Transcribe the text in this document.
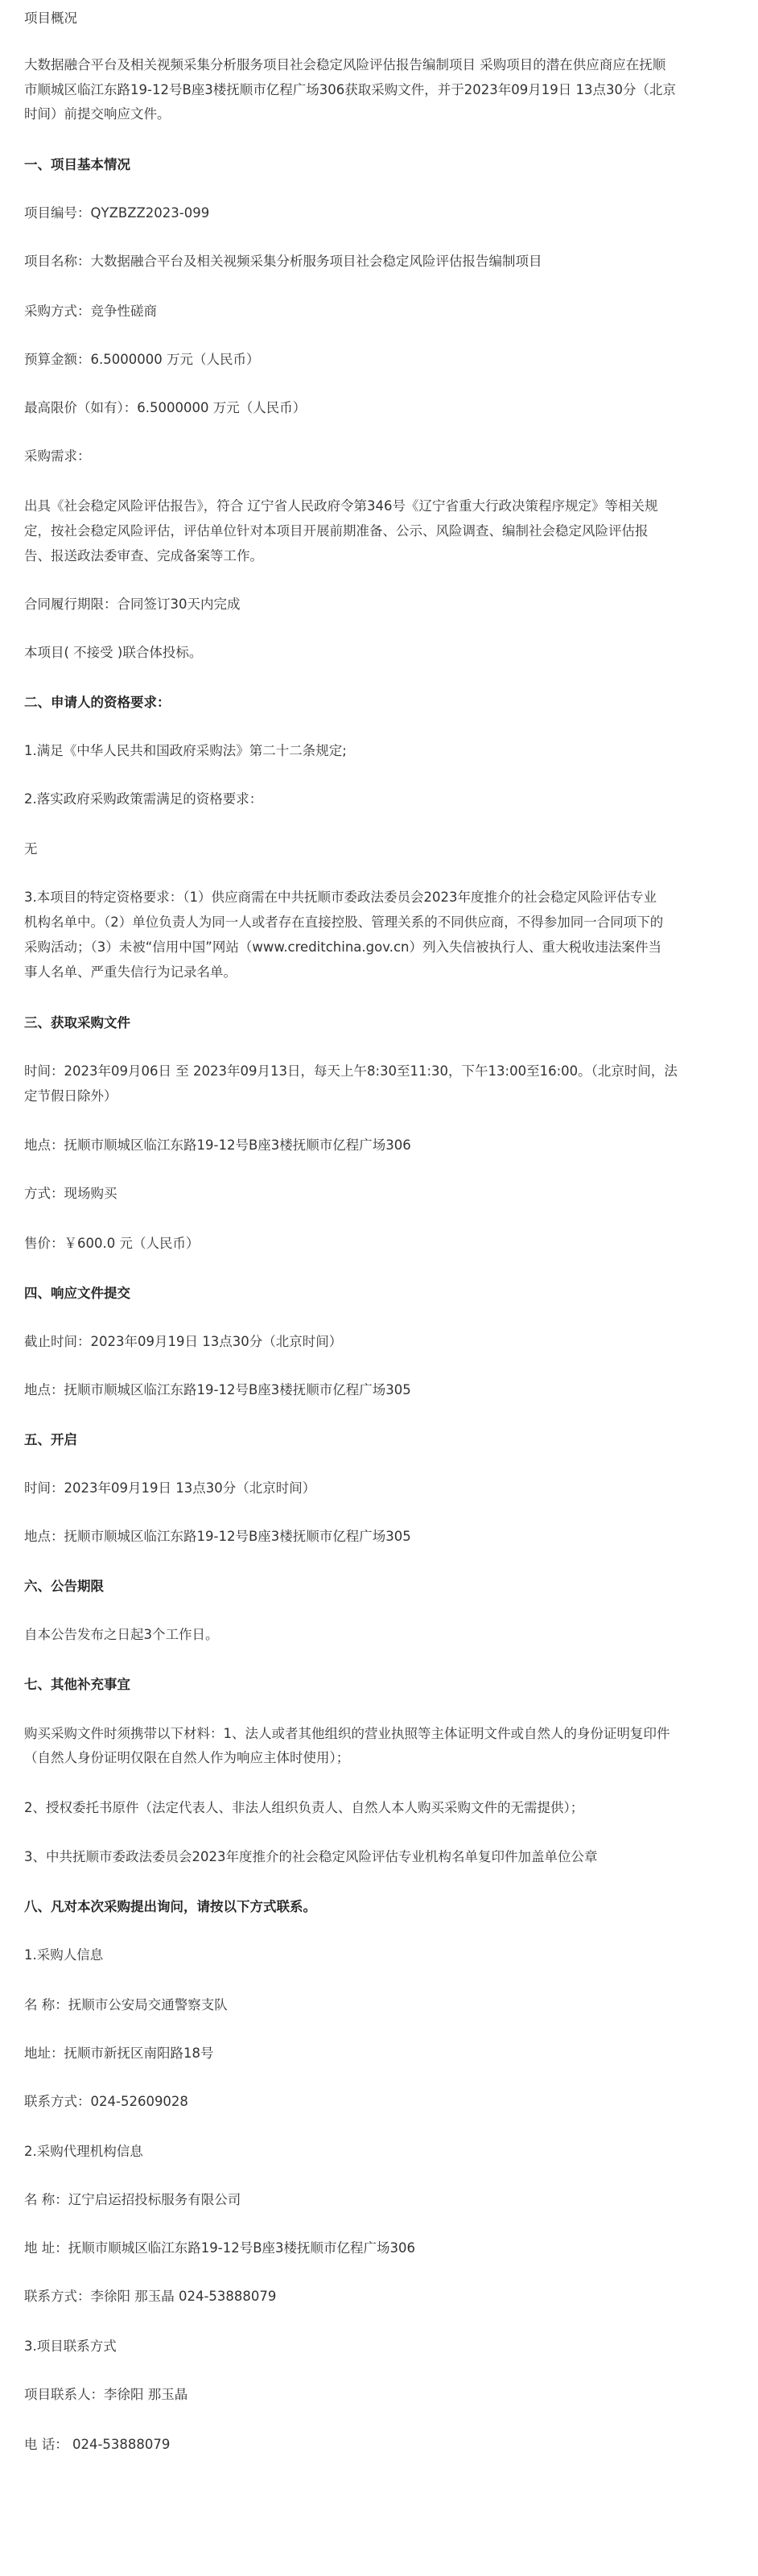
项目概况
大数据融合平台及相关视频采集分析服务项目社会稳定风险评估报告编制项目 采购项目的潜在供应商应在抚顺
市顺城区临江东路19-12号B座3楼抚顺市亿程广场306获取采购文件，并于2023年09月19日 13点30分（北京
时间）前提交响应文件。
一、项目基本情况
项目编号：QYZBZZ2023-099
项目名称：大数据融合平台及相关视频采集分析服务项目社会稳定风险评估报告编制项目
采购方式：竞争性磋商
预算金额：6.5000000 万元（人民币）
最高限价（如有）：6.5000000 万元（人民币）
采购需求：
出具《社会稳定风险评估报告》，符合 辽宁省人民政府令第346号《辽宁省重大行政决策程序规定》等相关规
定，按社会稳定风险评估，评估单位针对本项目开展前期准备、公示、风险调查、编制社会稳定风险评估报
告、报送政法委审查、完成备案等工作。
合同履行期限：合同签订30天内完成
本项目( 不接受 )联合体投标。
二、申请人的资格要求：
1.满足《中华人民共和国政府采购法》第二十二条规定;
2.落实政府采购政策需满足的资格要求：
无
3.本项目的特定资格要求：（1）供应商需在中共抚顺市委政法委员会2023年度推介的社会稳定风险评估专业
机构名单中。（2）单位负责人为同一人或者存在直接控股、管理关系的不同供应商，不得参加同一合同项下的
采购活动；（3）未被“信用中国”网站（www.creditchina.gov.cn）列入失信被执行人、重大税收违法案件当
事人名单、严重失信行为记录名单。
三、获取采购文件
时间：2023年09月06日 至 2023年09月13日，每天上午8:30至11:30，下午13:00至16:00。（北京时间，法
定节假日除外）
地点：抚顺市顺城区临江东路19-12号B座3楼抚顺市亿程广场306
方式：现场购买
售价：￥600.0 元（人民币）
四、响应文件提交
截止时间：2023年09月19日 13点30分（北京时间）
地点：抚顺市顺城区临江东路19-12号B座3楼抚顺市亿程广场305
五、开启
时间：2023年09月19日 13点30分（北京时间）
地点：抚顺市顺城区临江东路19-12号B座3楼抚顺市亿程广场305
六、公告期限
自本公告发布之日起3个工作日。
七、其他补充事宜
购买采购文件时须携带以下材料：1、法人或者其他组织的营业执照等主体证明文件或自然人的身份证明复印件
（自然人身份证明仅限在自然人作为响应主体时使用）；
2、授权委托书原件（法定代表人、非法人组织负责人、自然人本人购买采购文件的无需提供）；
3、中共抚顺市委政法委员会2023年度推介的社会稳定风险评估专业机构名单复印件加盖单位公章
八、凡对本次采购提出询问，请按以下方式联系。
1.采购人信息
名 称：抚顺市公安局交通警察支队
地址：抚顺市新抚区南阳路18号
联系方式：024-52609028
2.采购代理机构信息
名 称：辽宁启运招投标服务有限公司
地 址：抚顺市顺城区临江东路19-12号B座3楼抚顺市亿程广场306
联系方式：李徐阳 那玉晶 024-53888079
3.项目联系方式
项目联系人：李徐阳 那玉晶
电 话： 024-53888079
